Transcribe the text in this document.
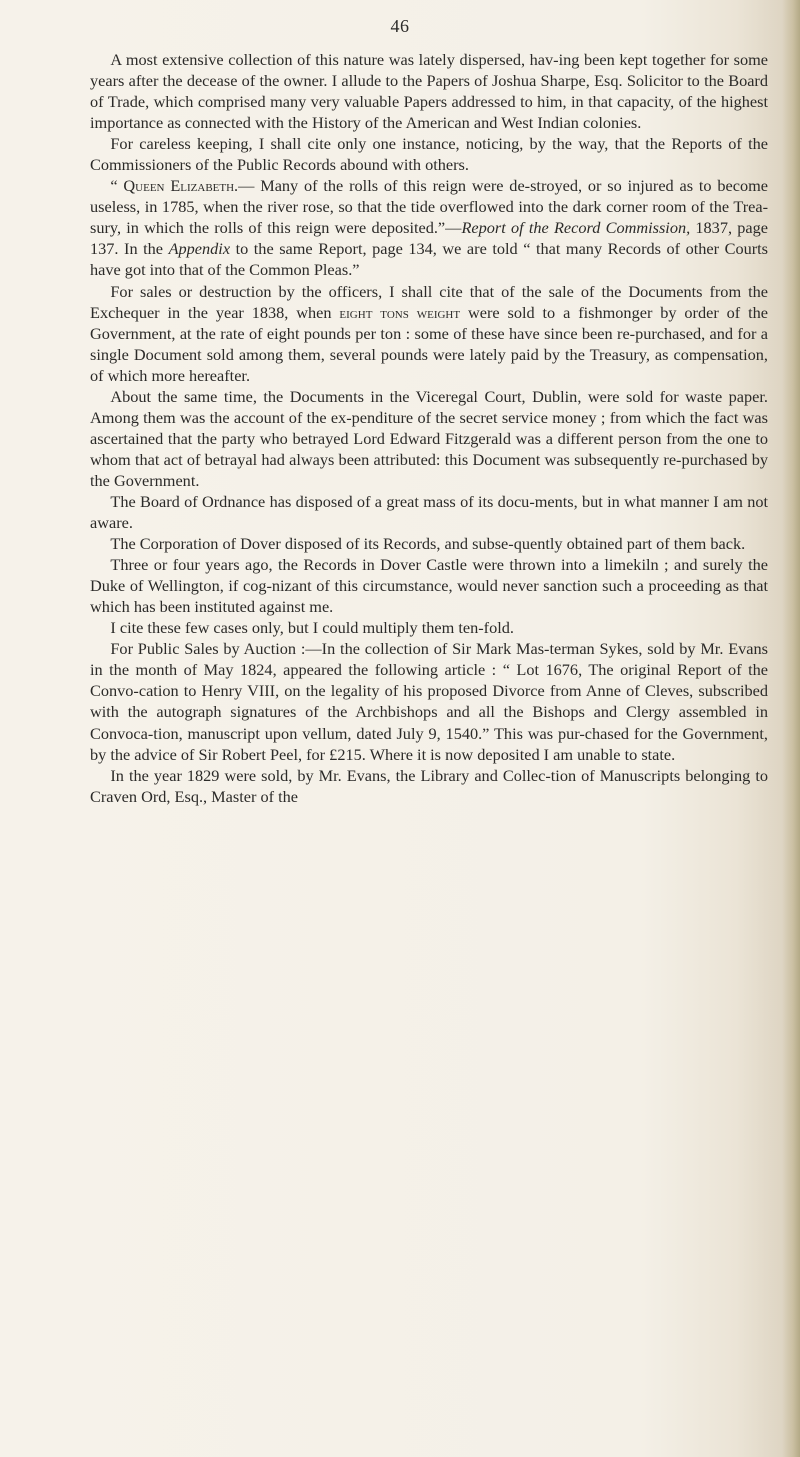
46

A most extensive collection of this nature was lately dispersed, hav-ing been kept together for some years after the decease of the owner. I allude to the Papers of Joshua Sharpe, Esq. Solicitor to the Board of Trade, which comprised many very valuable Papers addressed to him, in that capacity, of the highest importance as connected with the History of the American and West Indian colonies.

For careless keeping, I shall cite only one instance, noticing, by the way, that the Reports of the Commissioners of the Public Records abound with others.

“ Queen Elizabeth.— Many of the rolls of this reign were de-stroyed, or so injured as to become useless, in 1785, when the river rose, so that the tide overflowed into the dark corner room of the Trea-sury, in which the rolls of this reign were deposited.”—Report of the Record Commission, 1837, page 137. In the Appendix to the same Report, page 134, we are told “ that many Records of other Courts have got into that of the Common Pleas.”

For sales or destruction by the officers, I shall cite that of the sale of the Documents from the Exchequer in the year 1838, when eight tons weight were sold to a fishmonger by order of the Government, at the rate of eight pounds per ton : some of these have since been re-purchased, and for a single Document sold among them, several pounds were lately paid by the Treasury, as compensation, of which more hereafter.

About the same time, the Documents in the Viceregal Court, Dublin, were sold for waste paper. Among them was the account of the ex-penditure of the secret service money ; from which the fact was ascertained that the party who betrayed Lord Edward Fitzgerald was a different person from the one to whom that act of betrayal had always been attributed: this Document was subsequently re-purchased by the Government.

The Board of Ordnance has disposed of a great mass of its docu-ments, but in what manner I am not aware.

The Corporation of Dover disposed of its Records, and subse-quently obtained part of them back.

Three or four years ago, the Records in Dover Castle were thrown into a limekiln ; and surely the Duke of Wellington, if cog-nizant of this circumstance, would never sanction such a proceeding as that which has been instituted against me.

I cite these few cases only, but I could multiply them ten-fold.

For Public Sales by Auction :—In the collection of Sir Mark Mas-terman Sykes, sold by Mr. Evans in the month of May 1824, appeared the following article : “ Lot 1676, The original Report of the Convo-cation to Henry VIII, on the legality of his proposed Divorce from Anne of Cleves, subscribed with the autograph signatures of the Archbishops and all the Bishops and Clergy assembled in Convoca-tion, manuscript upon vellum, dated July 9, 1540.” This was pur-chased for the Government, by the advice of Sir Robert Peel, for £215. Where it is now deposited I am unable to state.

In the year 1829 were sold, by Mr. Evans, the Library and Collec-tion of Manuscripts belonging to Craven Ord, Esq., Master of the
